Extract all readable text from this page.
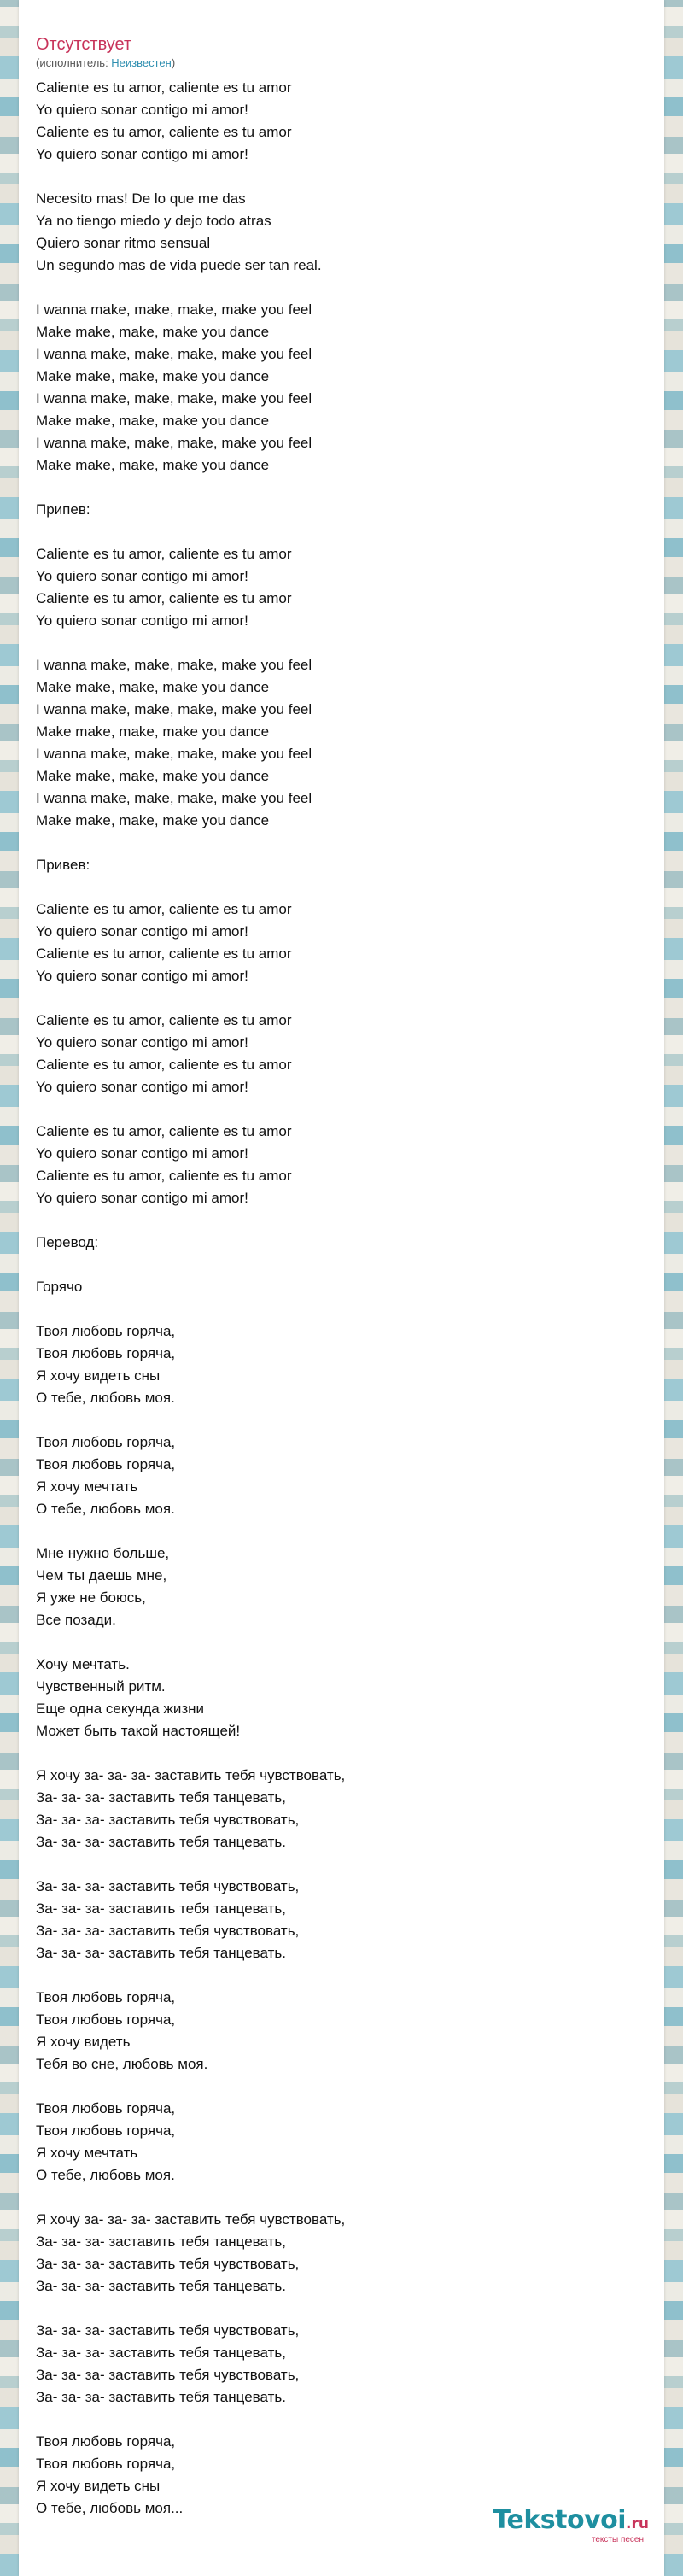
Отсутствует
(исполнитель: Неизвестен)
Caliente es tu amor, caliente es tu amor
Yo quiero sonar contigo mi amor!
Caliente es tu amor, caliente es tu amor
Yo quiero sonar contigo mi amor!
Necesito mas! De lo que me das
Ya no tiengo miedo y dejo todo atras
Quiero sonar ritmo sensual
Un segundo mas de vida puede ser tan real.
I wanna make, make, make, make you feel
Make make, make, make you dance
I wanna make, make, make, make you feel
Make make, make, make you dance
I wanna make, make, make, make you feel
Make make, make, make you dance
I wanna make, make, make, make you feel
Make make, make, make you dance
Припев:
Caliente es tu amor, caliente es tu amor
Yo quiero sonar contigo mi amor!
Caliente es tu amor, caliente es tu amor
Yo quiero sonar contigo mi amor!
I wanna make, make, make, make you feel
Make make, make, make you dance
I wanna make, make, make, make you feel
Make make, make, make you dance
I wanna make, make, make, make you feel
Make make, make, make you dance
I wanna make, make, make, make you feel
Make make, make, make you dance
Привев:
Caliente es tu amor, caliente es tu amor
Yo quiero sonar contigo mi amor!
Caliente es tu amor, caliente es tu amor
Yo quiero sonar contigo mi amor!
Caliente es tu amor, caliente es tu amor
Yo quiero sonar contigo mi amor!
Caliente es tu amor, caliente es tu amor
Yo quiero sonar contigo mi amor!
Caliente es tu amor, caliente es tu amor
Yo quiero sonar contigo mi amor!
Caliente es tu amor, caliente es tu amor
Yo quiero sonar contigo mi amor!
Перевод:
Горячо
Твоя любовь горяча,
Твоя любовь горяча,
Я хочу видеть сны
О тебе, любовь моя.
Твоя любовь горяча,
Твоя любовь горяча,
Я хочу мечтать
О тебе, любовь моя.
Мне нужно больше,
Чем ты даешь мне,
Я уже не боюсь,
Все позади.
Хочу мечтать.
Чувственный ритм.
Еще одна секунда жизни
Может быть такой настоящей!
Я хочу за- за- за- заставить тебя чувствовать,
За- за- за- заставить тебя танцевать,
За- за- за- заставить тебя чувствовать,
За- за- за- заставить тебя танцевать.
За- за- за- заставить тебя чувствовать,
За- за- за- заставить тебя танцевать,
За- за- за- заставить тебя чувствовать,
За- за- за- заставить тебя танцевать.
Твоя любовь горяча,
Твоя любовь горяча,
Я хочу видеть
Тебя во сне, любовь моя.
Твоя любовь горяча,
Твоя любовь горяча,
Я хочу мечтать
О тебе, любовь моя.
Я хочу за- за- за- заставить тебя чувствовать,
За- за- за- заставить тебя танцевать,
За- за- за- заставить тебя чувствовать,
За- за- за- заставить тебя танцевать.
За- за- за- заставить тебя чувствовать,
За- за- за- заставить тебя танцевать,
За- за- за- заставить тебя чувствовать,
За- за- за- заставить тебя танцевать.
Твоя любовь горяча,
Твоя любовь горяча,
Я хочу видеть сны
О тебе, любовь моя...	Tekstovoi.ru
тексты песен
